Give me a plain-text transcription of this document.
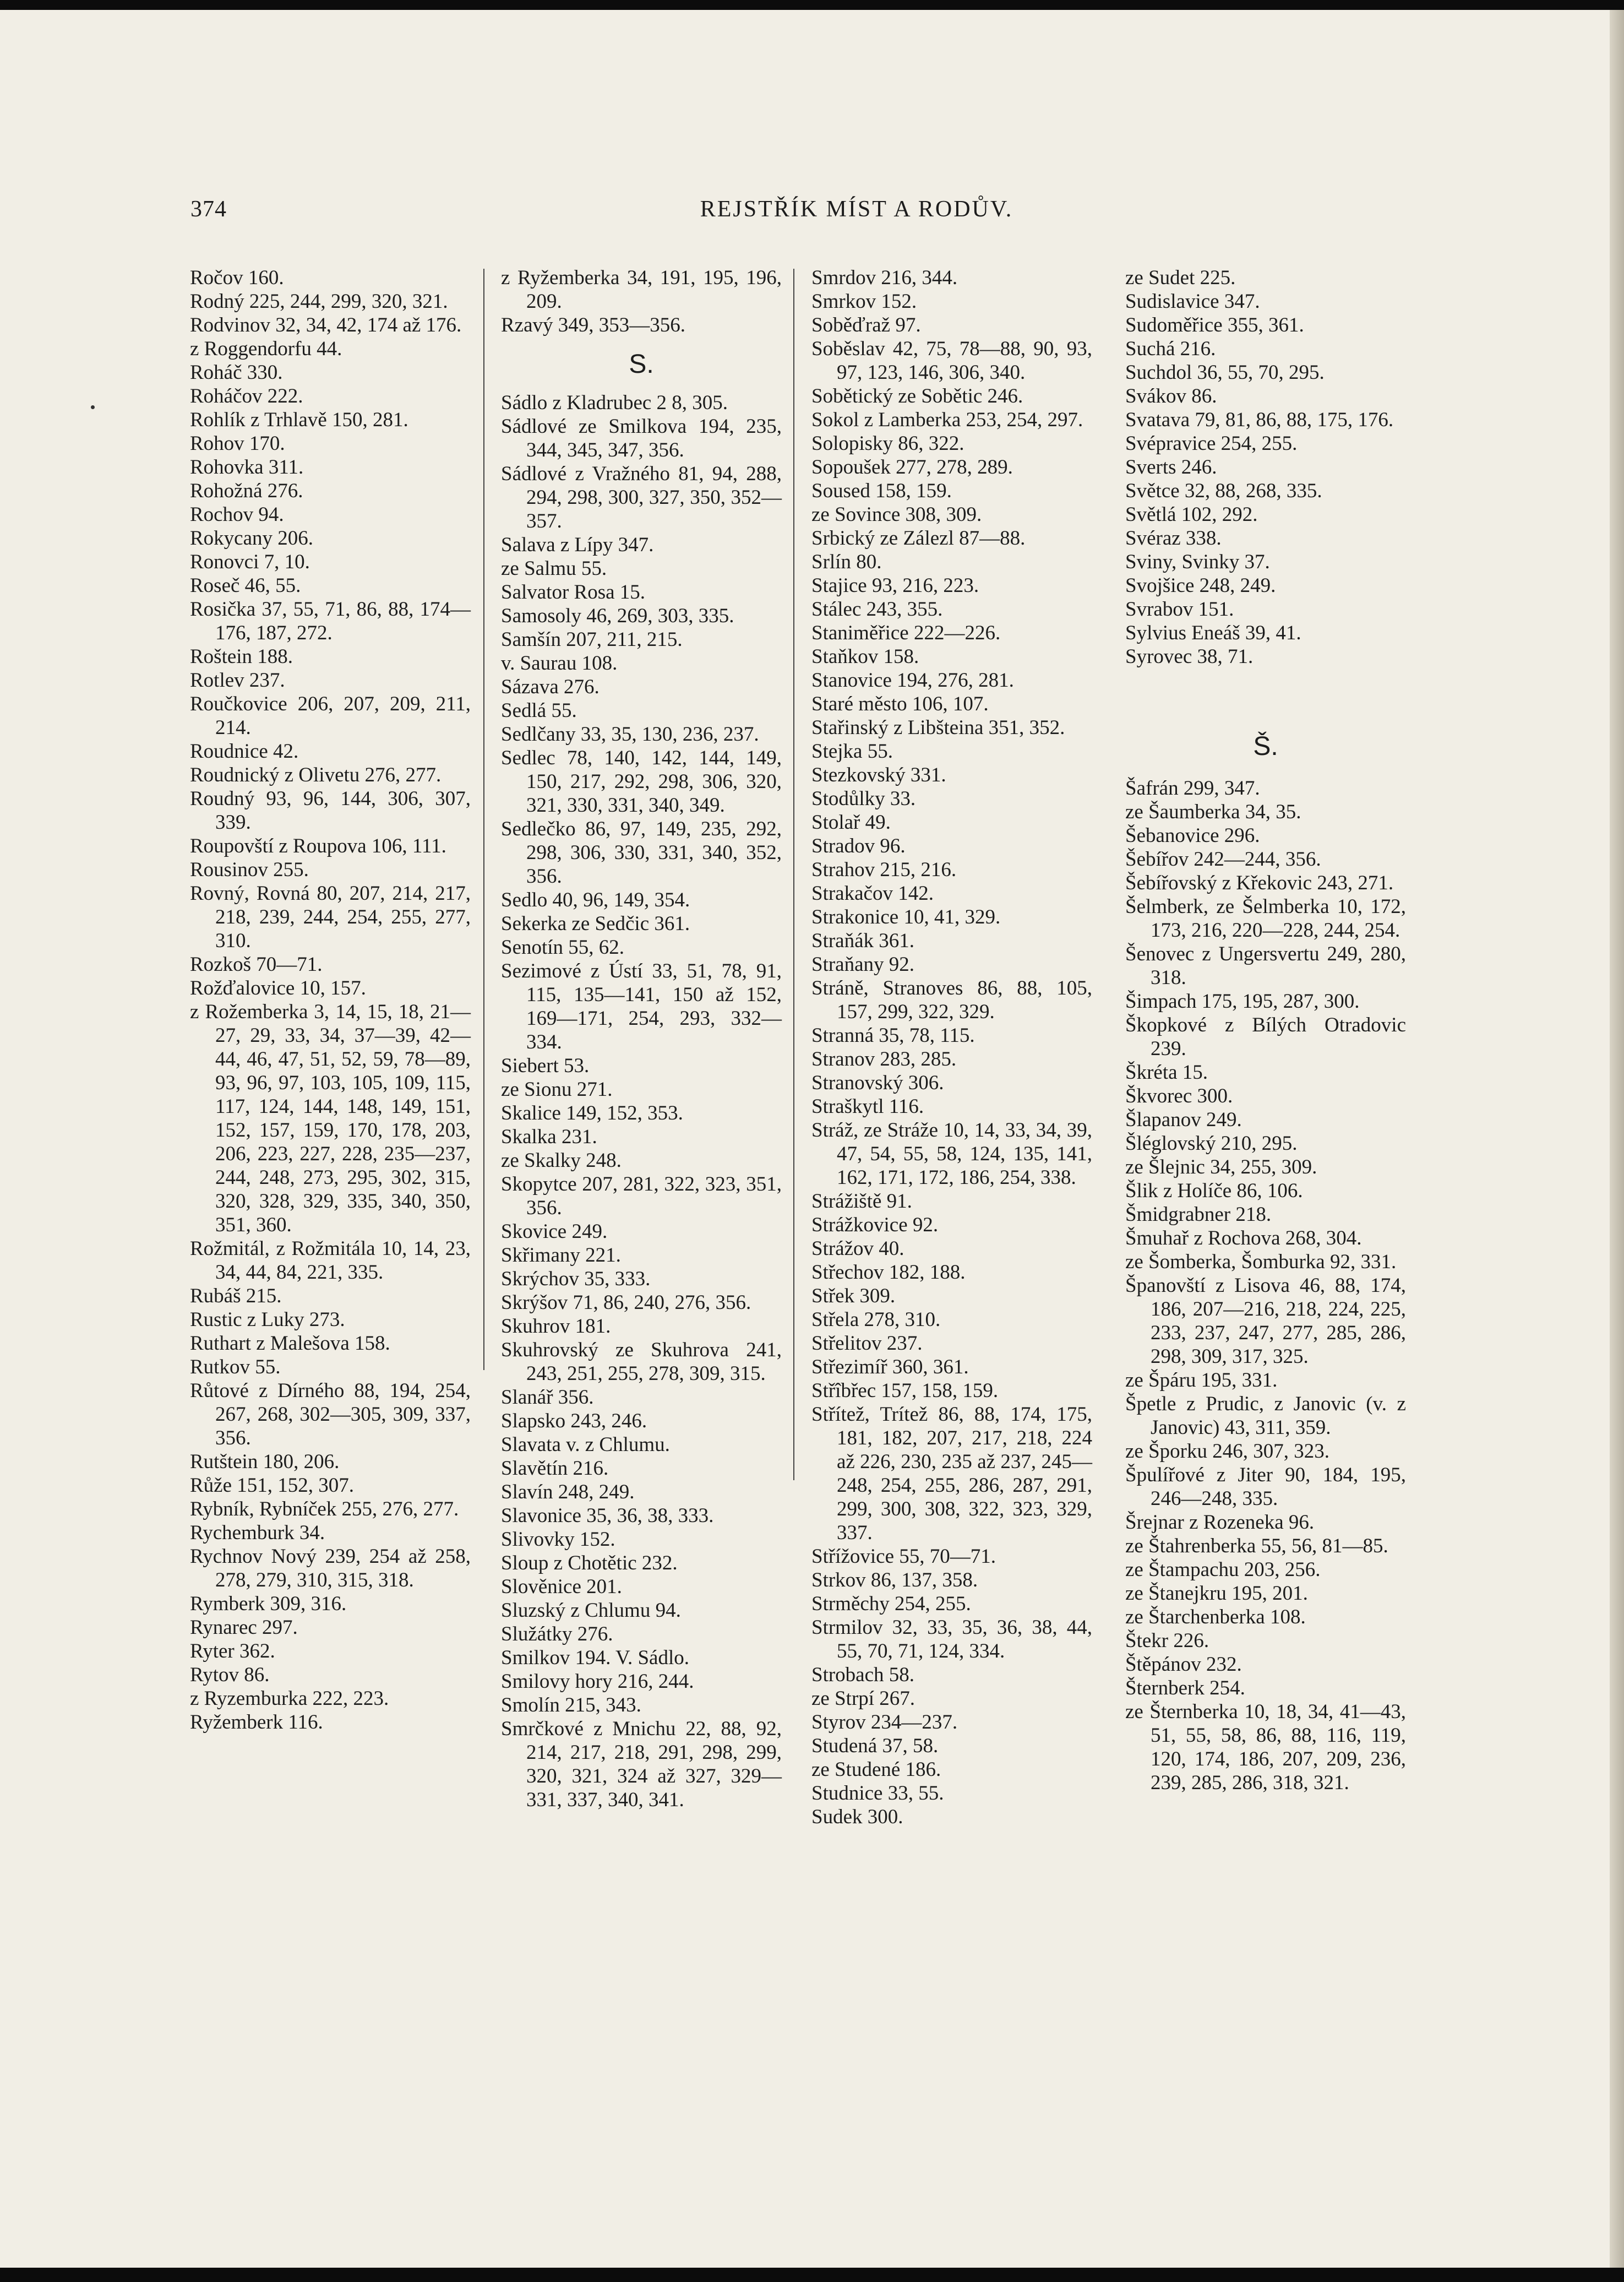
374	REJSTŘÍK MÍST A RODŮV.

Ročov 160.

Rodný 225, 244, 299, 320, 321.

Rodvinov 32, 34, 42, 174 až 176.

z Roggendorfu 44.

Roháč 330.

Roháčov 222.

Rohlík z Trhlavě 150, 281.

Rohov 170.

Rohovka 311.

Rohožná 276.

Rochov 94.

Rokycany 206.

Ronovci 7, 10.

Roseč 46, 55.

Rosička 37, 55, 71, 86, 88, 174—176, 187, 272.

Roštein 188.

Rotlev 237.

Roučkovice 206, 207, 209, 211, 214.

Roudnice 42.

Roudnický z Olivetu 276, 277.

Roudný 93, 96, 144, 306, 307, 339.

Roupovští z Roupova 106, 111.

Rousinov 255.

Rovný, Rovná 80, 207, 214, 217, 218, 239, 244, 254, 255, 277, 310.

Rozkoš 70—71.

Rožďalovice 10, 157.

z Rožemberka 3, 14, 15, 18, 21—27, 29, 33, 34, 37—39, 42—44, 46, 47, 51, 52, 59, 78—89, 93, 96, 97, 103, 105, 109, 115, 117, 124, 144, 148, 149, 151, 152, 157, 159, 170, 178, 203, 206, 223, 227, 228, 235—237, 244, 248, 273, 295, 302, 315, 320, 328, 329, 335, 340, 350, 351, 360.

Rožmitál, z Rožmitála 10, 14, 23, 34, 44, 84, 221, 335.

Rubáš 215.

Rustic z Luky 273.

Ruthart z Malešova 158.

Rutkov 55.

Růtové z Dírného 88, 194, 254, 267, 268, 302—305, 309, 337, 356.

Rutštein 180, 206.

Růže 151, 152, 307.

Rybník, Rybníček 255, 276, 277.

Rychemburk 34.

Rychnov Nový 239, 254 až 258, 278, 279, 310, 315, 318.

Rymberk 309, 316.

Rynarec 297.

Ryter 362.

Rytov 86.

z Ryzemburka 222, 223.

Ryžemberk 116.

z Ryžemberka 34, 191, 195, 196, 209.

Rzavý 349, 353—356.

S.

Sádlo z Kladrubec 2 8, 305.

Sádlové ze Smilkova 194, 235, 344, 345, 347, 356.

Sádlové z Vražného 81, 94, 288, 294, 298, 300, 327, 350, 352—357.

Salava z Lípy 347.

ze Salmu 55.

Salvator Rosa 15.

Samosoly 46, 269, 303, 335.

Samšín 207, 211, 215.

v. Saurau 108.

Sázava 276.

Sedlá 55.

Sedlčany 33, 35, 130, 236, 237.

Sedlec 78, 140, 142, 144, 149, 150, 217, 292, 298, 306, 320, 321, 330, 331, 340, 349.

Sedlečko 86, 97, 149, 235, 292, 298, 306, 330, 331, 340, 352, 356.

Sedlo 40, 96, 149, 354.

Sekerka ze Sedčic 361.

Senotín 55, 62.

Sezimové z Ústí 33, 51, 78, 91, 115, 135—141, 150 až 152, 169—171, 254, 293, 332—334.

Siebert 53.

ze Sionu 271.

Skalice 149, 152, 353.

Skalka 231.

ze Skalky 248.

Skopytce 207, 281, 322, 323, 351, 356.

Skovice 249.

Skřimany 221.

Skrýchov 35, 333.

Skrýšov 71, 86, 240, 276, 356.

Skuhrov 181.

Skuhrovský ze Skuhrova 241, 243, 251, 255, 278, 309, 315.

Slanář 356.

Slapsko 243, 246.

Slavata v. z Chlumu.

Slavětín 216.

Slavín 248, 249.

Slavonice 35, 36, 38, 333.

Slivovky 152.

Sloup z Chotětic 232.

Slověnice 201.

Sluzský z Chlumu 94.

Služátky 276.

Smilkov 194. V. Sádlo.

Smilovy hory 216, 244.

Smolín 215, 343.

Smrčkové z Mnichu 22, 88, 92, 214, 217, 218, 291, 298, 299, 320, 321, 324 až 327, 329—331, 337, 340, 341.

Smrdov 216, 344.

Smrkov 152.

Soběďraž 97.

Soběslav 42, 75, 78—88, 90, 93, 97, 123, 146, 306, 340.

Sobětický ze Sobětic 246.

Sokol z Lamberka 253, 254, 297.

Solopisky 86, 322.

Sopoušek 277, 278, 289.

Soused 158, 159.

ze Sovince 308, 309.

Srbický ze Zálezl 87—88.

Srlín 80.

Stajice 93, 216, 223.

Stálec 243, 355.

Staniměřice 222—226.

Staňkov 158.

Stanovice 194, 276, 281.

Staré město 106, 107.

Stařinský z Libšteina 351, 352.

Stejka 55.

Stezkovský 331.

Stodůlky 33.

Stolař 49.

Stradov 96.

Strahov 215, 216.

Strakačov 142.

Strakonice 10, 41, 329.

Straňák 361.

Straňany 92.

Stráně, Stranoves 86, 88, 105, 157, 299, 322, 329.

Stranná 35, 78, 115.

Stranov 283, 285.

Stranovský 306.

Straškytl 116.

Stráž, ze Stráže 10, 14, 33, 34, 39, 47, 54, 55, 58, 124, 135, 141, 162, 171, 172, 186, 254, 338.

Strážiště 91.

Strážkovice 92.

Strážov 40.

Střechov 182, 188.

Střek 309.

Střela 278, 310.

Střelitov 237.

Střezimíř 360, 361.

Střîbřec 157, 158, 159.

Střítež, Trítež 86, 88, 174, 175, 181, 182, 207, 217, 218, 224 až 226, 230, 235 až 237, 245—248, 254, 255, 286, 287, 291, 299, 300, 308, 322, 323, 329, 337.

Střížovice 55, 70—71.

Strkov 86, 137, 358.

Strměchy 254, 255.

Strmilov 32, 33, 35, 36, 38, 44, 55, 70, 71, 124, 334.

Strobach 58.

ze Strpí 267.

Styrov 234—237.

Studená 37, 58.

ze Studené 186.

Studnice 33, 55.

Sudek 300.

ze Sudet 225.

Sudislavice 347.

Sudoměřice 355, 361.

Suchá 216.

Suchdol 36, 55, 70, 295.

Svákov 86.

Svatava 79, 81, 86, 88, 175, 176.

Svépravice 254, 255.

Sverts 246.

Světce 32, 88, 268, 335.

Světlá 102, 292.

Svéraz 338.

Sviny, Svinky 37.

Svojšice 248, 249.

Svrabov 151.

Sylvius Eneáš 39, 41.

Syrovec 38, 71.

Š.

Šafrán 299, 347.

ze Šaumberka 34, 35.

Šebanovice 296.

Šebířov 242—244, 356.

Šebířovský z Křekovic 243, 271.

Šelmberk, ze Šelmberka 10, 172, 173, 216, 220—228, 244, 254.

Šenovec z Ungersvertu 249, 280, 318.

Šimpach 175, 195, 287, 300.

Škopkové z Bílých Otradovic 239.

Škréta 15.

Škvorec 300.

Šlapanov 249.

Šléglovský 210, 295.

ze Šlejnic 34, 255, 309.

Šlik z Holíče 86, 106.

Šmidgrabner 218.

Šmuhař z Rochova 268, 304.

ze Šomberka, Šomburka 92, 331.

Španovští z Lisova 46, 88, 174, 186, 207—216, 218, 224, 225, 233, 237, 247, 277, 285, 286, 298, 309, 317, 325.

ze Špáru 195, 331.

Špetle z Prudic, z Janovic (v. z Janovic) 43, 311, 359.

ze Šporku 246, 307, 323.

Špulířové z Jiter 90, 184, 195, 246—248, 335.

Šrejnar z Rozeneka 96.

ze Štahrenberka 55, 56, 81—85.

ze Štampachu 203, 256.

ze Štanejkru 195, 201.

ze Štarchenberka 108.

Štekr 226.

Štěpánov 232.

Šternberk 254.

ze Šternberka 10, 18, 34, 41—43, 51, 55, 58, 86, 88, 116, 119, 120, 174, 186, 207, 209, 236, 239, 285, 286, 318, 321.
